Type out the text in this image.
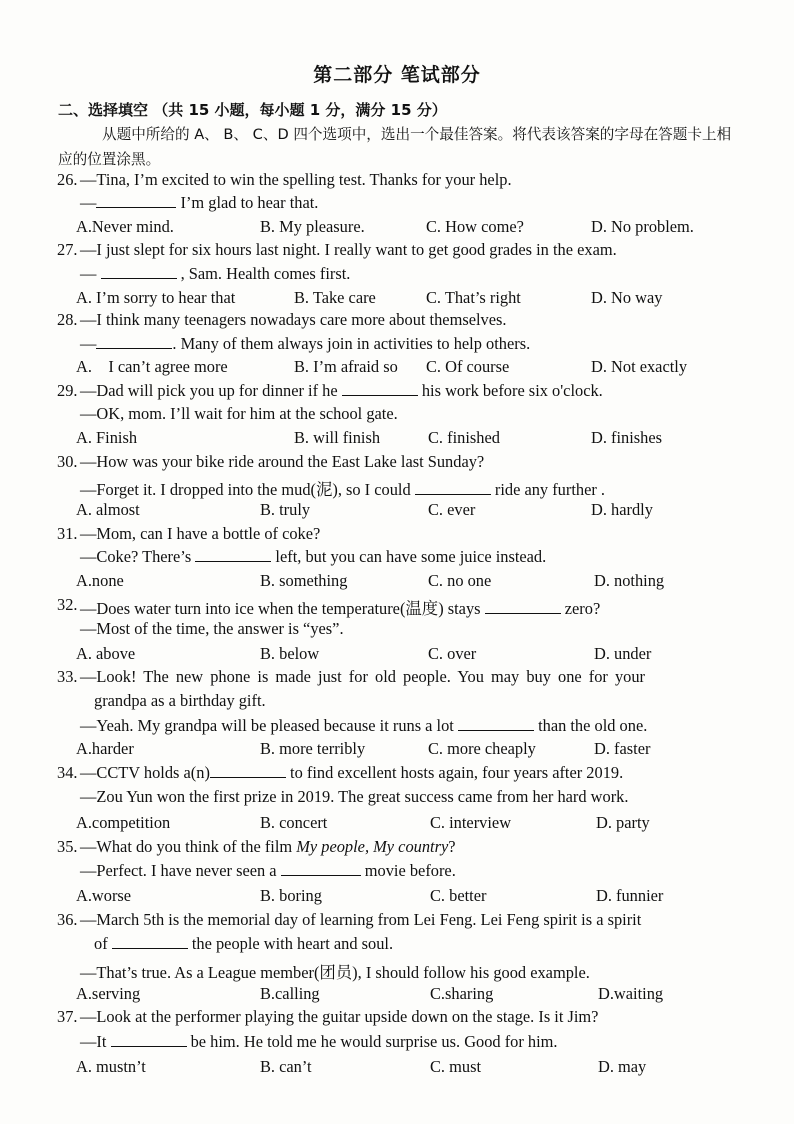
第二部分 笔试部分
二、选择填空 （共 15 小题，每小题 1 分，满分 15 分）
从题中所给的 A、 B、 C、D 四个选项中，选出一个最佳答案。将代表该答案的字母在答题卡上相应的位置涂黑。
26. —Tina, I’m excited to win the spelling test. Thanks for your help.
—	I’m glad to hear that.
A.Never mind.	B. My pleasure.	C. How come?	D. No problem.
27. —I just slept for six hours last night. I really want to get good grades in the exam.
—	, Sam. Health comes first.
A. I’m sorry to hear that	B. Take care	C. That’s right	D. No way
28. —I think many teenagers nowadays care more about themselves.
—	. Many of them always join in activities to help others.
A.    I can’t agree more	B. I’m afraid so C. Of course	D. Not exactly
29. —Dad will pick you up for dinner if he	his work before six o'clock.
—OK, mom. I’ll wait for him at the school gate.
A. Finish	B. will finish	C. finished	D. finishes
30. —How was your bike ride around the East Lake last Sunday?
—Forget it. I dropped into the mud(泥), so I could	ride any further .
A. almost	B. truly	C. ever	D. hardly
31. —Mom, can I have a bottle of coke?
—Coke? There’s	left, but you can have some juice instead.
A.none	B. something	C. no one	D. nothing
32. —Does water turn into ice when the temperature(温度) stays	zero?
—Most of the time, the answer is “yes”.
A. above	B. below	C. over	D. under
33. —Look! The new phone is made just for old people. You may buy one for your
grandpa as a birthday gift.
—Yeah. My grandpa will be pleased because it runs a lot	than the old one.
A.harder	B. more terribly	C. more cheaply	D. faster
34. —CCTV holds a(n)	to find excellent hosts again, four years after 2019.
—Zou Yun won the first prize in 2019. The great success came from her hard work.
A.competition	B. concert	C. interview	D. party
35. —What do you think of the film My people, My country?
—Perfect. I have never seen a	movie before.
A.worse	B. boring	C. better	D. funnier
36. —March 5th is the memorial day of learning from Lei Feng. Lei Feng spirit is a spirit
of	the people with heart and soul.
—That’s true. As a League member(团员), I should follow his good example.
A.serving	B.calling	C.sharing	D.waiting
37. —Look at the performer playing the guitar upside down on the stage. Is it Jim?
—It	be him. He told me he would surprise us. Good for him.
A. mustn’t	B. can’t	C. must	D. may
